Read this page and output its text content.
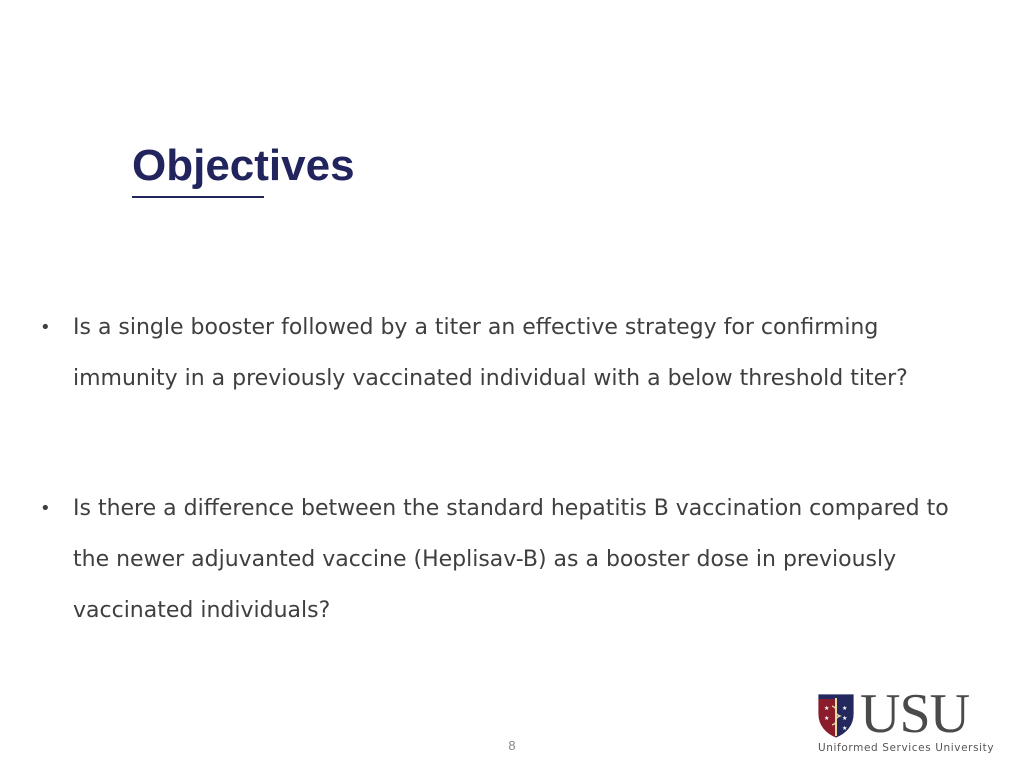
Objectives
• Is a single booster followed by a titer an effective strategy for confirming immunity in a previously vaccinated individual with a below threshold titer?
• Is there a difference between the standard hepatitis B vaccination compared to the newer adjuvanted vaccine (Heplisav-B) as a booster dose in previously vaccinated individuals?
8
★
★
★
★
★ USU
Uniformed Services University
